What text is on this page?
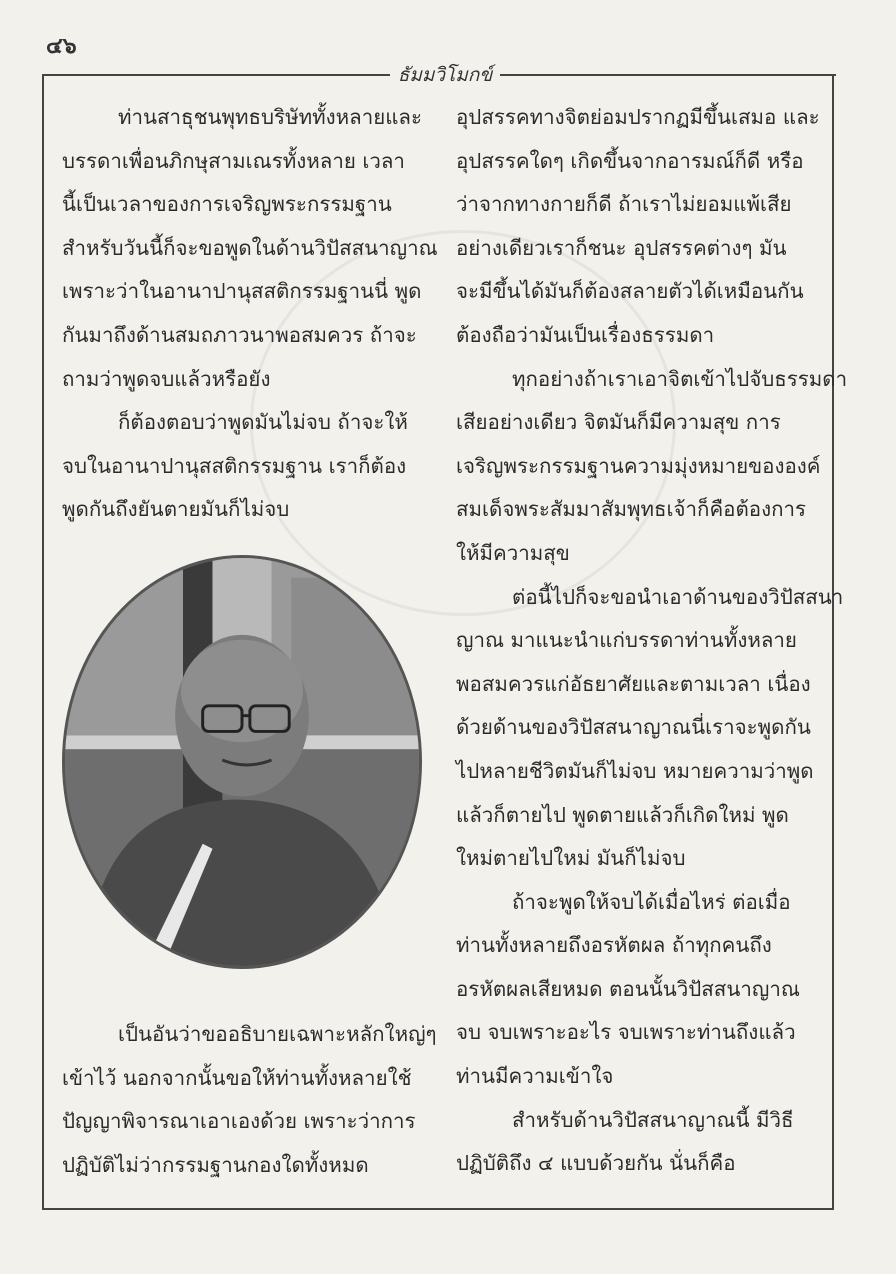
๔๖
ธัมมวิโมกข์
ท่านสาธุชนพุทธบริษัททั้งหลายและ
บรรดาเพื่อนภิกษุสามเณรทั้งหลาย เวลา
นี้เป็นเวลาของการเจริญพระกรรมฐาน
สำหรับวันนี้ก็จะขอพูดในด้านวิปัสสนาญาณ
เพราะว่าในอานาปานุสสติกรรมฐานนี่ พูด
กันมาถึงด้านสมถภาวนาพอสมควร ถ้าจะ
ถามว่าพูดจบแล้วหรือยัง
ก็ต้องตอบว่าพูดมันไม่จบ ถ้าจะให้
จบในอานาปานุสสติกรรมฐาน เราก็ต้อง
พูดกันถึงยันตายมันก็ไม่จบ
เป็นอันว่าขออธิบายเฉพาะหลักใหญ่ๆ
เข้าไว้ นอกจากนั้นขอให้ท่านทั้งหลายใช้
ปัญญาพิจารณาเอาเองด้วย เพราะว่าการ
ปฏิบัติไม่ว่ากรรมฐานกองใดทั้งหมด
อุปสรรคทางจิตย่อมปรากฏมีขึ้นเสมอ และ
อุปสรรคใดๆ เกิดขึ้นจากอารมณ์ก็ดี หรือ
ว่าจากทางกายก็ดี ถ้าเราไม่ยอมแพ้เสีย
อย่างเดียวเราก็ชนะ อุปสรรคต่างๆ มัน
จะมีขึ้นได้มันก็ต้องสลายตัวได้เหมือนกัน
ต้องถือว่ามันเป็นเรื่องธรรมดา
ทุกอย่างถ้าเราเอาจิตเข้าไปจับธรรมดา
เสียอย่างเดียว จิตมันก็มีความสุข การ
เจริญพระกรรมฐานความมุ่งหมายขององค์
สมเด็จพระสัมมาสัมพุทธเจ้าก็คือต้องการ
ให้มีความสุข
ต่อนี้ไปก็จะขอนำเอาด้านของวิปัสสนา
ญาณ มาแนะนำแก่บรรดาท่านทั้งหลาย
พอสมควรแก่อัธยาศัยและตามเวลา เนื่อง
ด้วยด้านของวิปัสสนาญาณนี่เราจะพูดกัน
ไปหลายชีวิตมันก็ไม่จบ หมายความว่าพูด
แล้วก็ตายไป พูดตายแล้วก็เกิดใหม่ พูด
ใหม่ตายไปใหม่ มันก็ไม่จบ
ถ้าจะพูดให้จบได้เมื่อไหร่ ต่อเมื่อ
ท่านทั้งหลายถึงอรหัตผล ถ้าทุกคนถึง
อรหัตผลเสียหมด ตอนนั้นวิปัสสนาญาณ
จบ จบเพราะอะไร จบเพราะท่านถึงแล้ว
ท่านมีความเข้าใจ
สำหรับด้านวิปัสสนาญาณนี้ มีวิธี
ปฏิบัติถึง ๔ แบบด้วยกัน นั่นก็คือ
